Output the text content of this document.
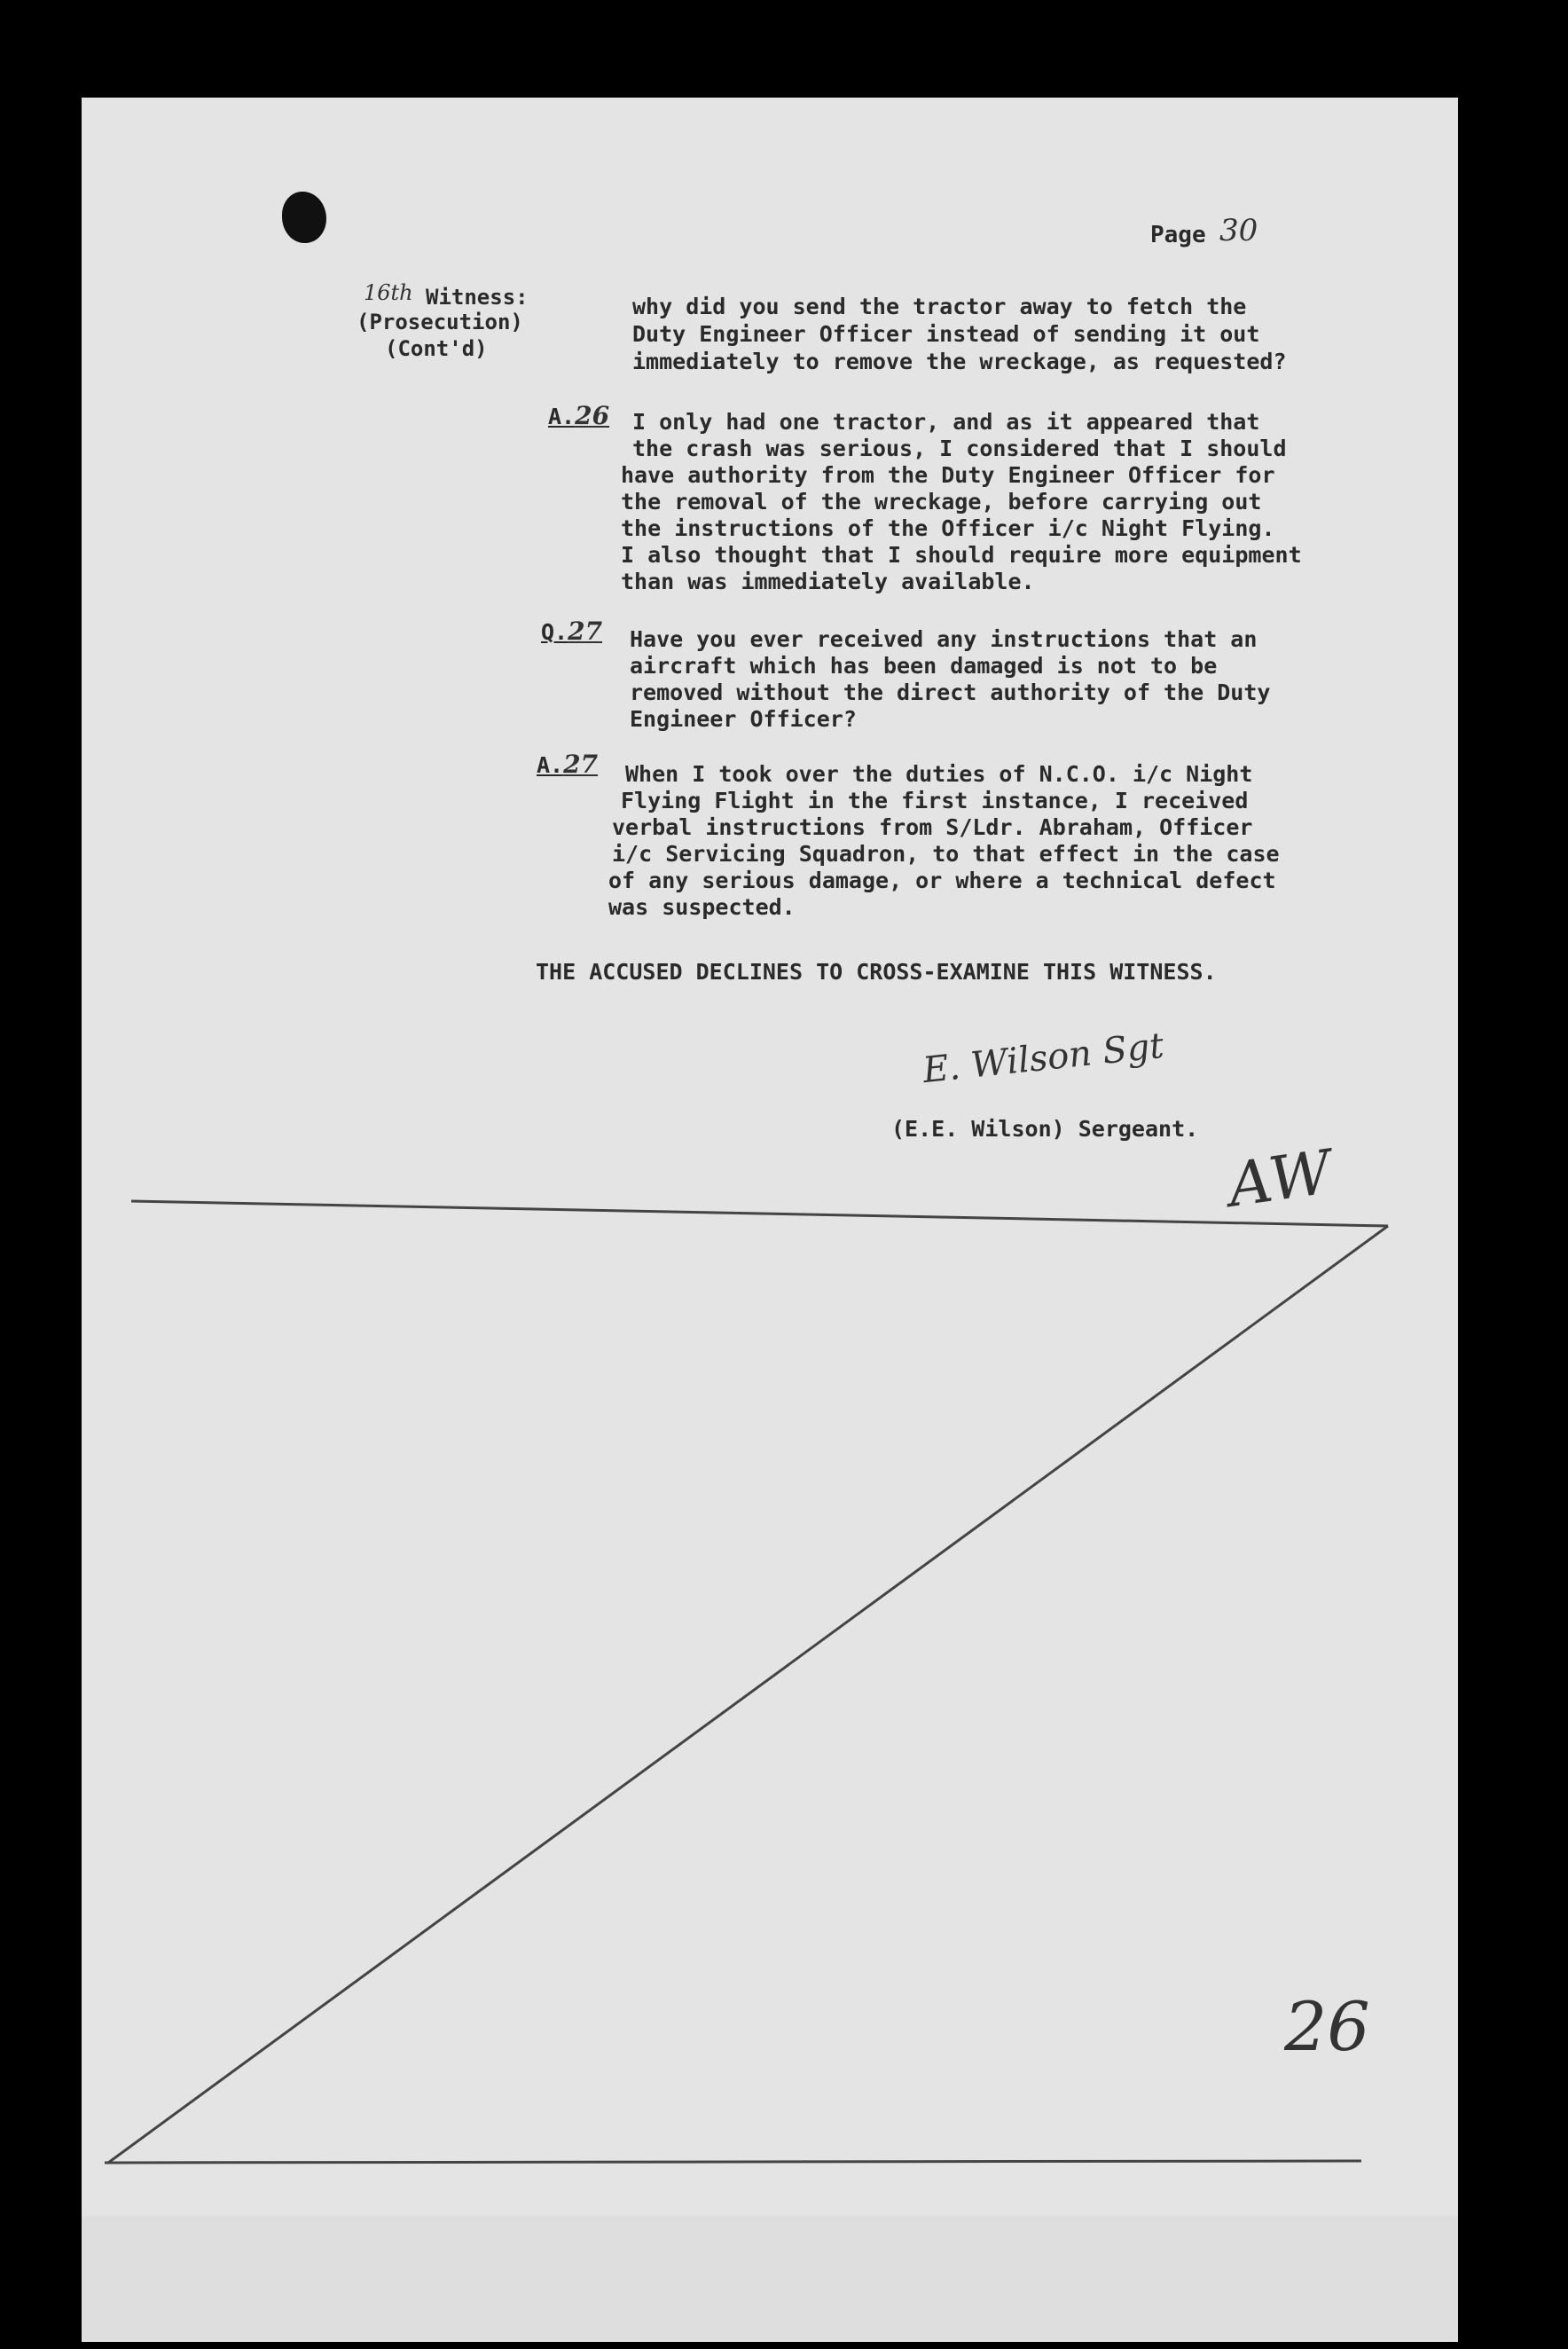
Page 30
16th Witness:
(Prosecution)
(Cont'd)
why did you send the tractor away to fetch the
Duty Engineer Officer instead of sending it out
immediately to remove the wreckage, as requested?
A.26 I only had one tractor, and as it appeared that
the crash was serious, I considered that I should
have authority from the Duty Engineer Officer for
the removal of the wreckage, before carrying out
the instructions of the Officer i/c Night Flying.
I also thought that I should require more equipment
than was immediately available.
Q.27 Have you ever received any instructions that an
aircraft which has been damaged is not to be
removed without the direct authority of the Duty
Engineer Officer?
A.27 When I took over the duties of N.C.O. i/c Night
Flying Flight in the first instance, I received
verbal instructions from S/Ldr. Abraham, Officer
i/c Servicing Squadron, to that effect in the case
of any serious damage, or where a technical defect
was suspected.
THE ACCUSED DECLINES TO CROSS-EXAMINE THIS WITNESS.
E. Wilson Sgt
(E.E. Wilson) Sergeant.
AW
26
